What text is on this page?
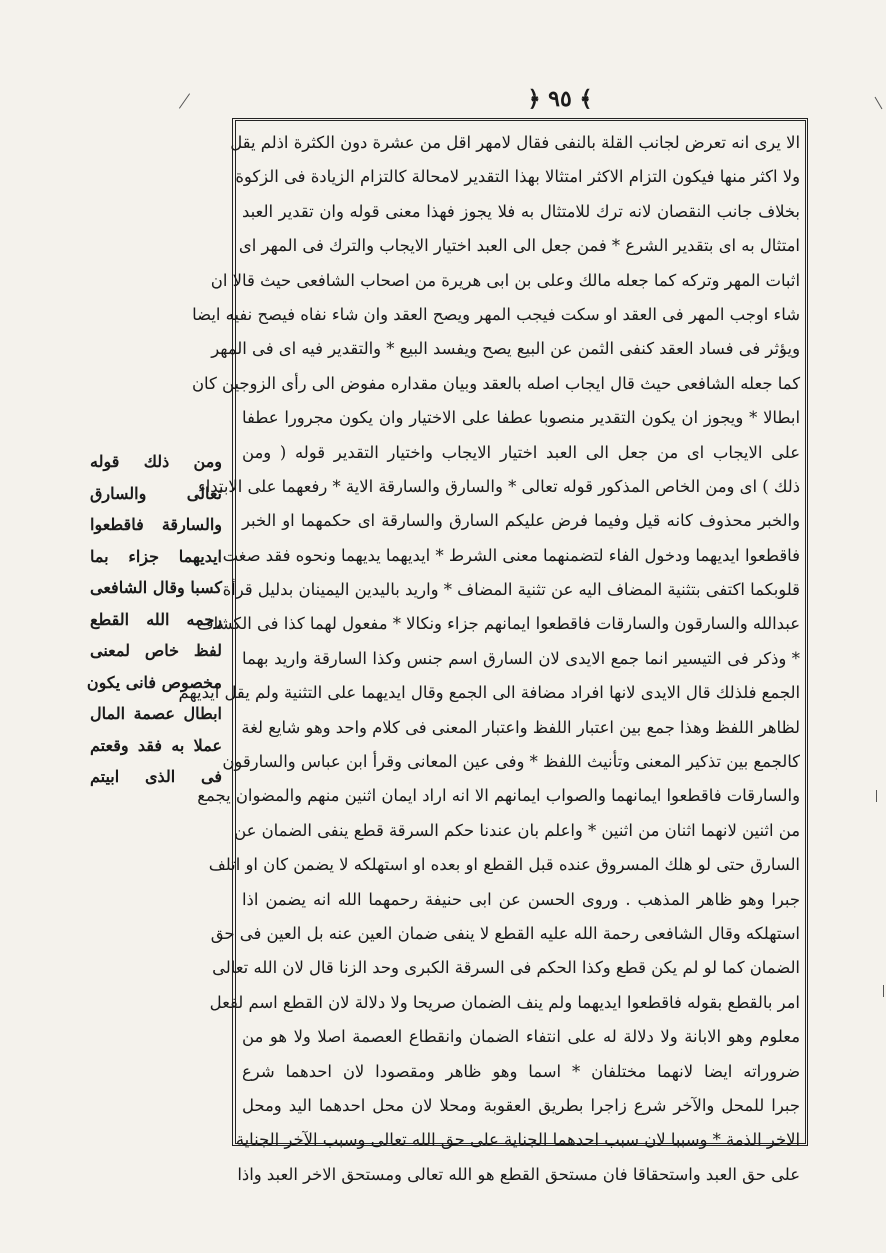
﴿ ٩٥ ﴾
الا يرى انه تعرض لجانب القلة بالنفى فقال لامهر اقل من عشرة دون الكثرة اذلم يقل
ولا اكثر منها فيكون التزام الاكثر امتثالا بهذا التقدير لامحالة كالتزام الزيادة فى الزكوة
بخلاف جانب النقصان لانه ترك للامتثال به فلا يجوز فهذا معنى قوله وان تقدير العبد
امتثال به اى بتقدير الشرع * فمن جعل الى العبد اختيار الايجاب والترك فى المهر اى
اثبات المهر وتركه كما جعله مالك وعلى بن ابى هريرة من اصحاب الشافعى حيث قالا ان
شاء اوجب المهر فى العقد او سكت فيجب المهر ويصح العقد وان شاء نفاه فيصح نفيه ايضا
ويؤثر فى فساد العقد كنفى الثمن عن البيع يصح ويفسد البيع * والتقدير فيه اى فى المهر
كما جعله الشافعى حيث قال ايجاب اصله بالعقد وبيان مقداره مفوض الى رأى الزوجين كان
ابطالا * ويجوز ان يكون التقدير منصوبا عطفا على الاختيار وان يكون مجرورا عطفا
على الايجاب اى من جعل الى العبد اختيار الايجاب واختيار التقدير قوله ( ومن
ذلك ) اى ومن الخاص المذكور قوله تعالى * والسارق والسارقة الاية * رفعهما على الابتداء
والخبر محذوف كانه قيل وفيما فرض عليكم السارق والسارقة اى حكمهما او الخبر
فاقطعوا ايديهما ودخول الفاء لتضمنهما معنى الشرط * ايديهما يديهما ونحوه فقد صغت
قلوبكما اكتفى بتثنية المضاف اليه عن تثنية المضاف * واريد باليدين اليمينان بدليل قرأة
عبدالله والسارقون والسارقات فاقطعوا ايمانهم جزاء ونكالا * مفعول لهما كذا فى الكشاف
* وذكر فى التيسير انما جمع الايدى لان السارق اسم جنس وكذا السارقة واريد بهما
الجمع فلذلك قال الايدى لانها افراد مضافة الى الجمع وقال ايديهما على التثنية ولم يقل ايديهم
لظاهر اللفظ وهذا جمع بين اعتبار اللفظ واعتبار المعنى فى كلام واحد وهو شايع لغة
كالجمع بين تذكير المعنى وتأنيث اللفظ * وفى عين المعانى وقرأ ابن عباس والسارقون
والسارقات فاقطعوا ايمانهما والصواب ايمانهم الا انه اراد ايمان اثنين منهم والمضوان يجمع
من اثنين لانهما اثنان من اثنين * واعلم بان عندنا حكم السرقة قطع ينفى الضمان عن
السارق حتى لو هلك المسروق عنده قبل القطع او بعده او استهلكه لا يضمن كان او اتلف
جبرا وهو ظاهر المذهب . وروى الحسن عن ابى حنيفة رحمهما الله انه يضمن اذا
استهلكه وقال الشافعى رحمة الله عليه القطع لا ينفى ضمان العين عنه بل العين فى حق
الضمان كما لو لم يكن قطع وكذا الحكم فى السرقة الكبرى وحد الزنا قال لان الله تعالى
امر بالقطع بقوله فاقطعوا ايديهما ولم ينف الضمان صريحا ولا دلالة لان القطع اسم لفعل
معلوم وهو الابانة ولا دلالة له على انتفاء الضمان وانقطاع العصمة اصلا ولا هو من
ضروراته ايضا لانهما مختلفان * اسما وهو ظاهر ومقصودا لان احدهما شرع
جبرا للمحل والآخر شرع زاجرا بطريق العقوبة ومحلا لان محل احدهما اليد ومحل
الاخر الذمة * وسببا لان سبب احدهما الجناية على حق الله تعالى وسبب الآخر الجناية
على حق العبد واستحقاقا فان مستحق القطع هو الله تعالى ومستحق الاخر العبد واذا
ومن ذلك قوله
تعالى والسارق
والسارقة فاقطعوا
ايديهما جزاء بما
كسبا وقال الشافعى
رحمه الله القطع
لفظ خاص لمعنى
مخصوص فانى يكون
ابطال عصمة المال
عملا به فقد وقعتم
فى الذى ابيتم
